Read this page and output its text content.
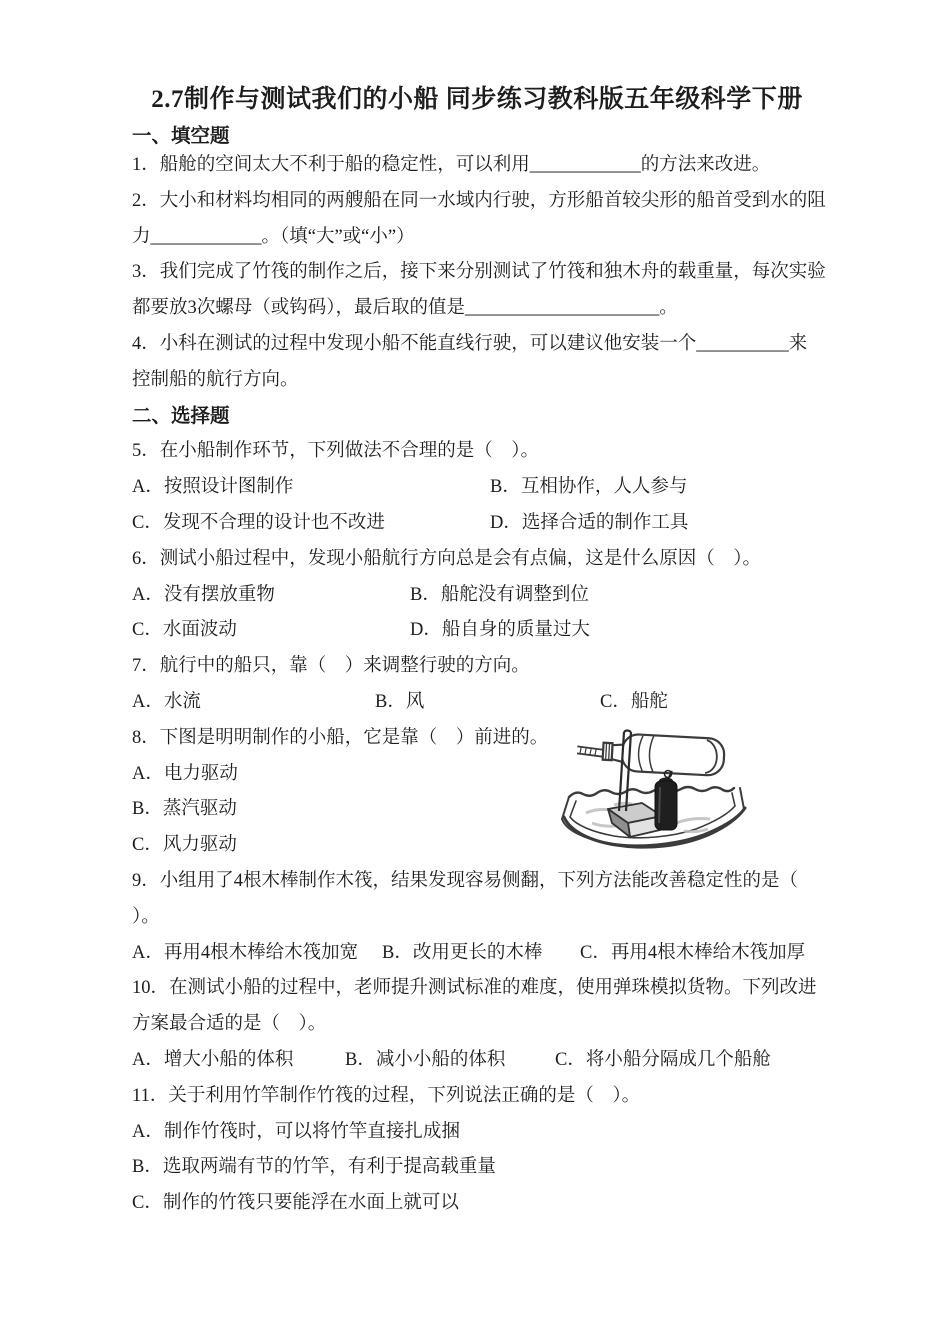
2.7制作与测试我们的小船 同步练习教科版五年级科学下册
一、填空题
1．船舱的空间太大不利于船的稳定性，可以利用____________的方法来改进。
2．大小和材料均相同的两艘船在同一水域内行驶，方形船首较尖形的船首受到水的阻
力____________。（填“大”或“小”）
3．我们完成了竹筏的制作之后，接下来分别测试了竹筏和独木舟的载重量，每次实验
都要放3次螺母（或钩码），最后取的值是_____________________。
4．小科在测试的过程中发现小船不能直线行驶，可以建议他安装一个__________来
控制船的航行方向。
二、选择题
5．在小船制作环节，下列做法不合理的是（　）。
A．按照设计图制作	B．互相协作，人人参与
C．发现不合理的设计也不改进	D．选择合适的制作工具
6．测试小船过程中，发现小船航行方向总是会有点偏，这是什么原因（　）。
A．没有摆放重物	B．船舵没有调整到位
C．水面波动	D．船自身的质量过大
7．航行中的船只，靠（　）来调整行驶的方向。
A．水流	B．风	C．船舵
8．下图是明明制作的小船，它是靠（　）前进的。
A．电力驱动
B．蒸汽驱动
C．风力驱动
9．小组用了4根木棒制作木筏，结果发现容易侧翻，下列方法能改善稳定性的是（
）。
A．再用4根木棒给木筏加宽 B．改用更长的木棒 C．再用4根木棒给木筏加厚
10．在测试小船的过程中，老师提升测试标准的难度，使用弹珠模拟货物。下列改进
方案最合适的是（　）。
A．增大小船的体积	B．减小小船的体积	C．将小船分隔成几个船舱
11．关于利用竹竿制作竹筏的过程，下列说法正确的是（　）。
A．制作竹筏时，可以将竹竿直接扎成捆
B．选取两端有节的竹竿，有利于提高载重量
C．制作的竹筏只要能浮在水面上就可以
